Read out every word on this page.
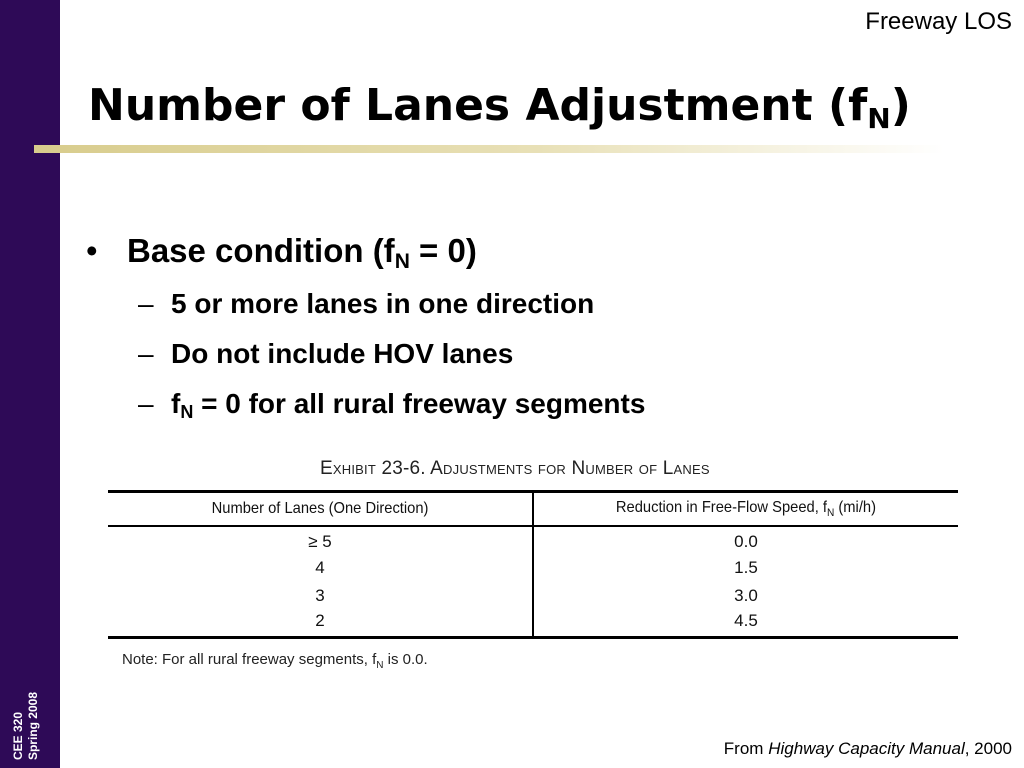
CEE 320 Spring 2008
Freeway LOS
Number of Lanes Adjustment $(f_N)$
• Base condition $(f_N = 0)$
– 5 or more lanes in one direction
– Do not include HOV lanes
– $f_N = 0$ for all rural freeway segments
Exhibit 23-6. Adjustments for Number of Lanes
Number of Lanes (One Direction)	Reduction in Free-Flow Speed, $f_N$ (mi/h)
≥ 5	0.0
4	1.5
3	3.0
2	4.5
Note: For all rural freeway segments, $f_N$ is 0.0.
From Highway Capacity Manual, 2000
